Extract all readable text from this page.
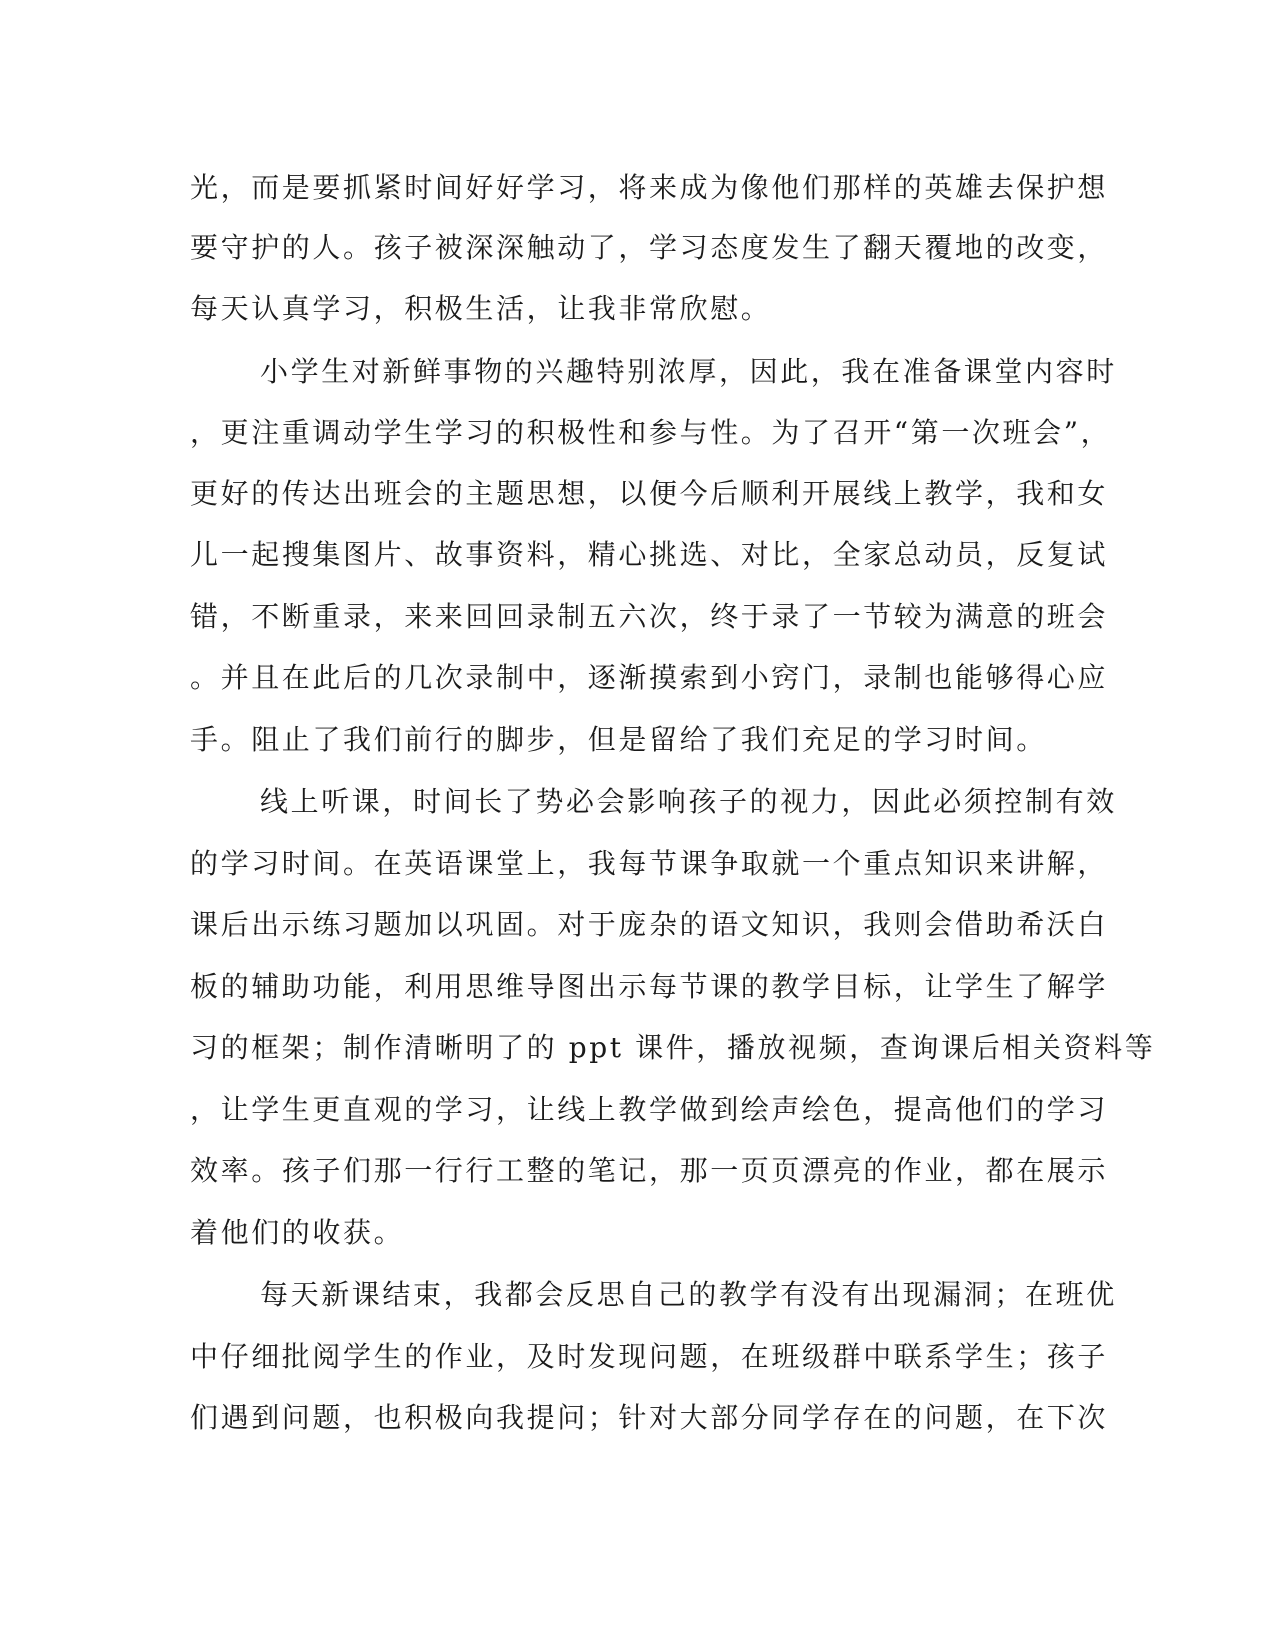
光，而是要抓紧时间好好学习，将来成为像他们那样的英雄去保护想
要守护的人。孩子被深深触动了，学习态度发生了翻天覆地的改变，
每天认真学习，积极生活，让我非常欣慰。
小学生对新鲜事物的兴趣特别浓厚，因此，我在准备课堂内容时
，更注重调动学生学习的积极性和参与性。为了召开“第一次班会”，
更好的传达出班会的主题思想，以便今后顺利开展线上教学，我和女
儿一起搜集图片、故事资料，精心挑选、对比，全家总动员，反复试
错，不断重录，来来回回录制五六次，终于录了一节较为满意的班会
。并且在此后的几次录制中，逐渐摸索到小窍门，录制也能够得心应
手。阻止了我们前行的脚步，但是留给了我们充足的学习时间。
线上听课，时间长了势必会影响孩子的视力，因此必须控制有效
的学习时间。在英语课堂上，我每节课争取就一个重点知识来讲解，
课后出示练习题加以巩固。对于庞杂的语文知识，我则会借助希沃白
板的辅助功能，利用思维导图出示每节课的教学目标，让学生了解学
习的框架；制作清晰明了的 ppt 课件，播放视频，查询课后相关资料等
，让学生更直观的学习，让线上教学做到绘声绘色，提高他们的学习
效率。孩子们那一行行工整的笔记，那一页页漂亮的作业，都在展示
着他们的收获。
每天新课结束，我都会反思自己的教学有没有出现漏洞；在班优
中仔细批阅学生的作业，及时发现问题，在班级群中联系学生；孩子
们遇到问题，也积极向我提问；针对大部分同学存在的问题，在下次
